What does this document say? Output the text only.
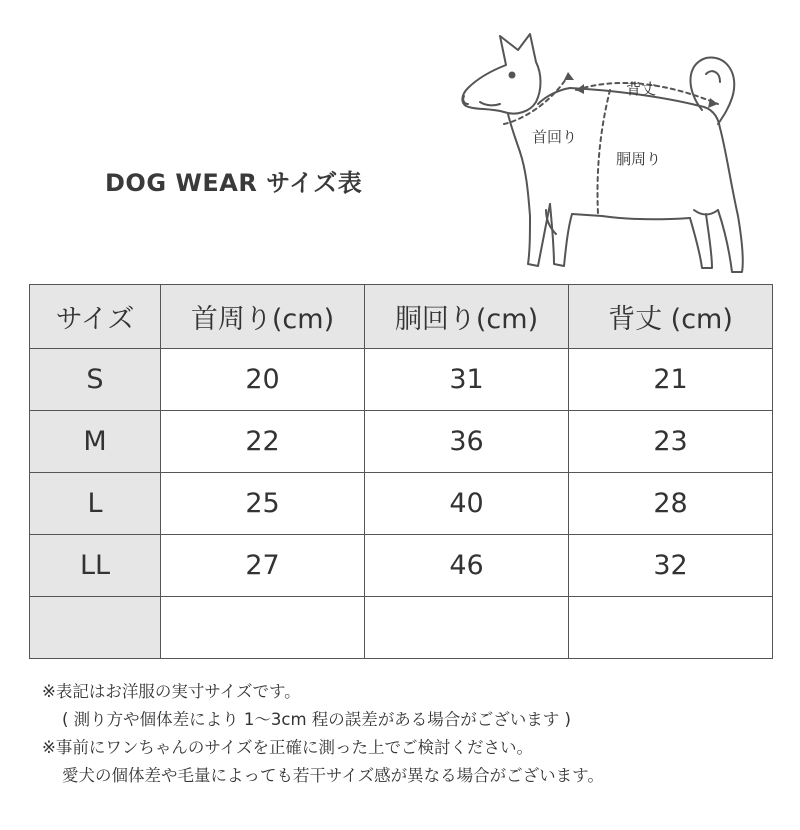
DOG WEAR サイズ表
背丈
首回り
胴周り
サイズ	首周り(cm)	胴回り(cm)	背丈 (cm)
S	20	31	21
M	22	36	23
L	25	40	28
LL	27	46	32

※表記はお洋服の実寸サイズです。
( 測り方や個体差により 1～3cm 程の誤差がある場合がございます )
※事前にワンちゃんのサイズを正確に測った上でご検討ください。
愛犬の個体差や毛量によっても若干サイズ感が異なる場合がございます。
